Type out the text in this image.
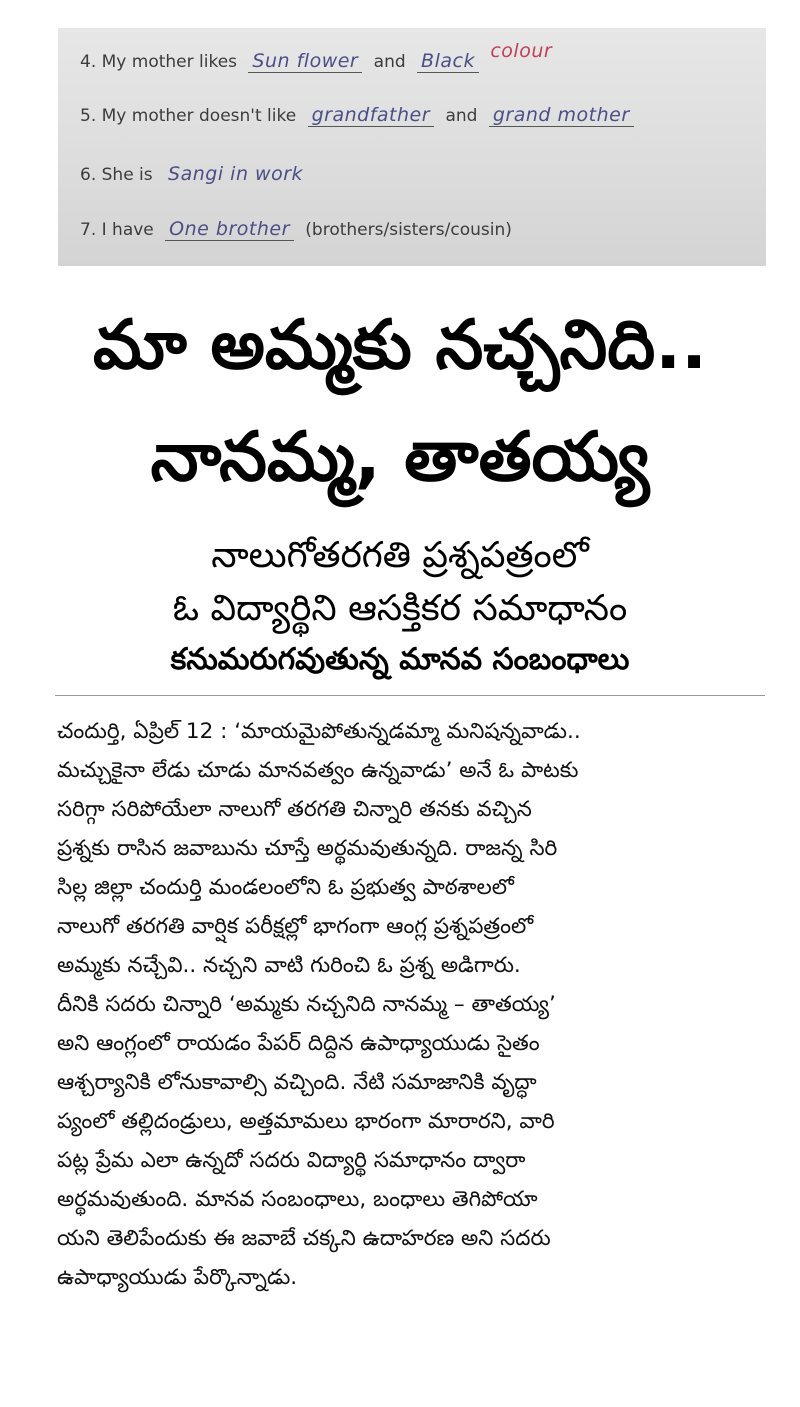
4. My mother likes Sun flower and Black colour
5. My mother doesn't like grandfather and grand mother
6. She is Sangi in work
7. I have One brother (brothers/sisters/cousin)
మా అమ్మకు నచ్చనిది..
నానమ్మ, తాతయ్య
నాలుగోతరగతి ప్రశ్నపత్రంలో
ఓ విద్యార్థిని ఆసక్తికర సమాధానం
కనుమరుగవుతున్న మానవ సంబంధాలు
చందుర్తి, ఏప్రిల్ 12 : ‘మాయమైపోతున్నడమ్మా మనిషన్నవాడు..
మచ్చుకైనా లేడు చూడు మానవత్వం ఉన్నవాడు’ అనే ఓ పాటకు
సరిగ్గా సరిపోయేలా నాలుగో తరగతి చిన్నారి తనకు వచ్చిన
ప్రశ్నకు రాసిన జవాబును చూస్తే అర్థమవుతున్నది. రాజన్న సిరి
సిల్ల జిల్లా చందుర్తి మండలంలోని ఓ ప్రభుత్వ పాఠశాలలో
నాలుగో తరగతి వార్షిక పరీక్షల్లో భాగంగా ఆంగ్ల ప్రశ్నపత్రంలో
అమ్మకు నచ్చేవి.. నచ్చని వాటి గురించి ఓ ప్రశ్న అడిగారు.
దీనికి సదరు చిన్నారి ‘అమ్మకు నచ్చనిది నానమ్మ – తాతయ్య’
అని ఆంగ్లంలో రాయడం పేపర్ దిద్దిన ఉపాధ్యాయుడు సైతం
ఆశ్చర్యానికి లోనుకావాల్సి వచ్చింది. నేటి సమాజానికి వృద్ధా
ప్యంలో తల్లిదండ్రులు, అత్తమామలు భారంగా మారారని, వారి
పట్ల ప్రేమ ఎలా ఉన్నదో సదరు విద్యార్థి సమాధానం ద్వారా
అర్థమవుతుంది. మానవ సంబంధాలు, బంధాలు తెగిపోయా
యని తెలిపేందుకు ఈ జవాబే చక్కని ఉదాహరణ అని సదరు
ఉపాధ్యాయుడు పేర్కొన్నాడు.
